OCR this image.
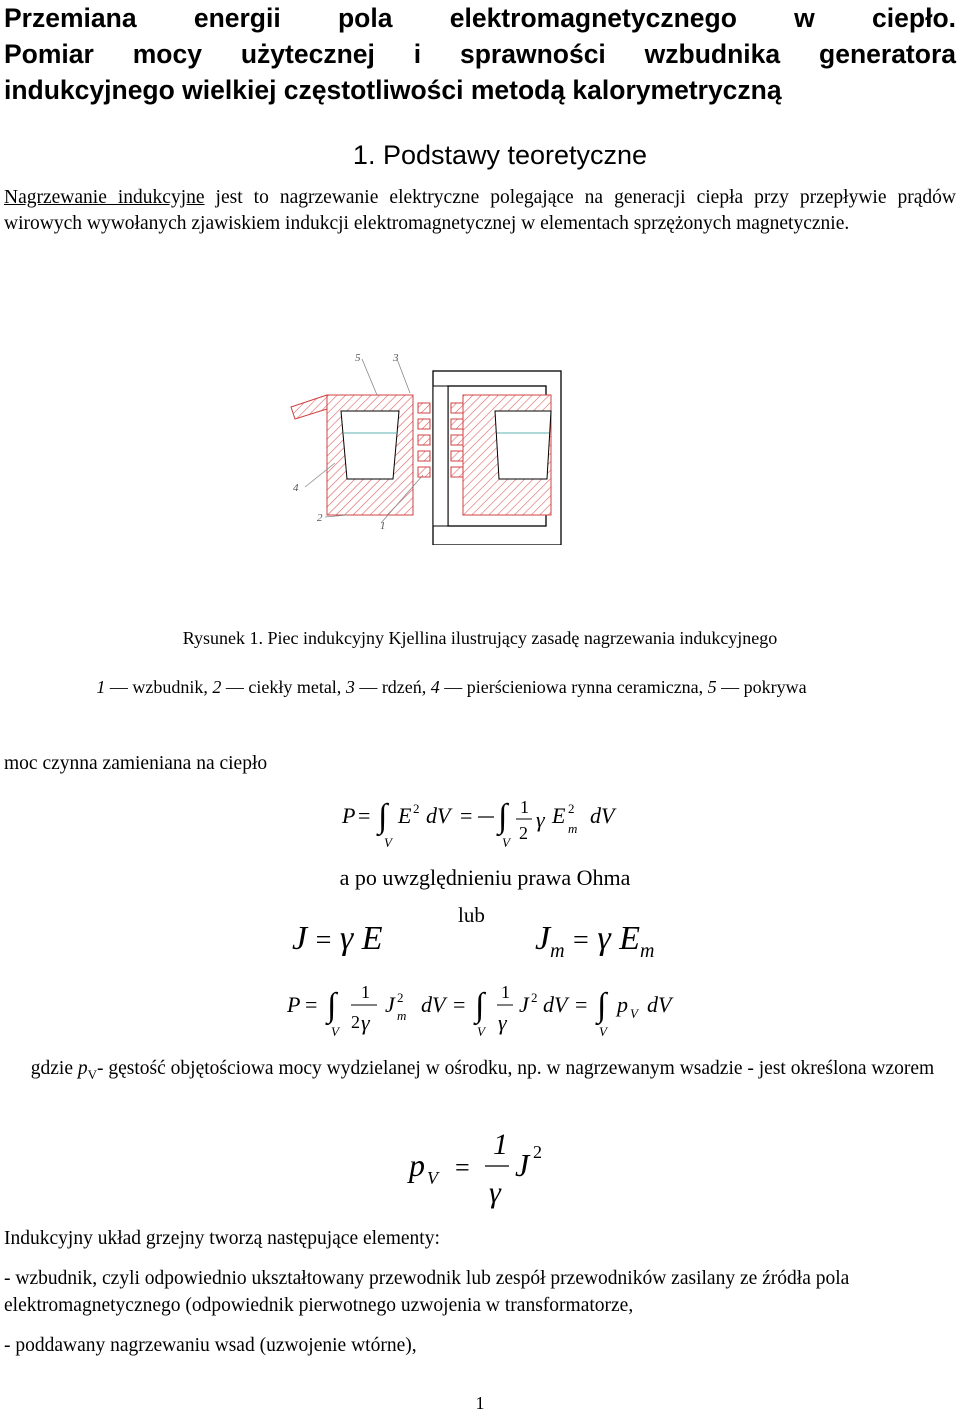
Przemiana energii pola elektromagnetycznego w ciepło.
Pomiar mocy użytecznej i sprawności wzbudnika generatora
indukcyjnego wielkiej częstotliwości metodą kalorymetryczną
1. Podstawy teoretyczne
Nagrzewanie indukcyjne jest to nagrzewanie elektryczne polegające na generacji ciepła przy przepływie prądów wirowych wywołanych zjawiskiem indukcji elektromagnetycznej w elementach sprzężonych magnetycznie.
5	3
4
2
1
Rysunek 1. Piec indukcyjny Kjellina ilustrujący zasadę nagrzewania indukcyjnego
1 — wzbudnik, 2 — ciekły metal, 3 — rdzeń, 4 — pierścieniowa rynna ceramiczna, 5 — pokrywa
moc czynna zamieniana na ciepło
P = ∫
V
E 2 dV = ∫
V
1
2
γ E 2
m
dV
a po uwzględnieniu prawa Ohma
lub
J = γ E	$J_m = \gamma$ $E_m$
P = ∫
V
1
2 γ
J 2
m dV = ∫
V
1
γ
J 2 dV = ∫
V
p V dV
gdzie $p_V-$ gęstość objętościowa mocy wydzielanej w ośrodku, np. w nagrzewanym wsadzie - jest określona wzorem
p V =
1
γ
J 2
Indukcyjny układ grzejny tworzą następujące elementy:
- wzbudnik, czyli odpowiednio ukształtowany przewodnik lub zespół przewodników zasilany ze źródła pola elektromagnetycznego (odpowiednik pierwotnego uzwojenia w transformatorze,
- poddawany nagrzewaniu wsad (uzwojenie wtórne),
1
